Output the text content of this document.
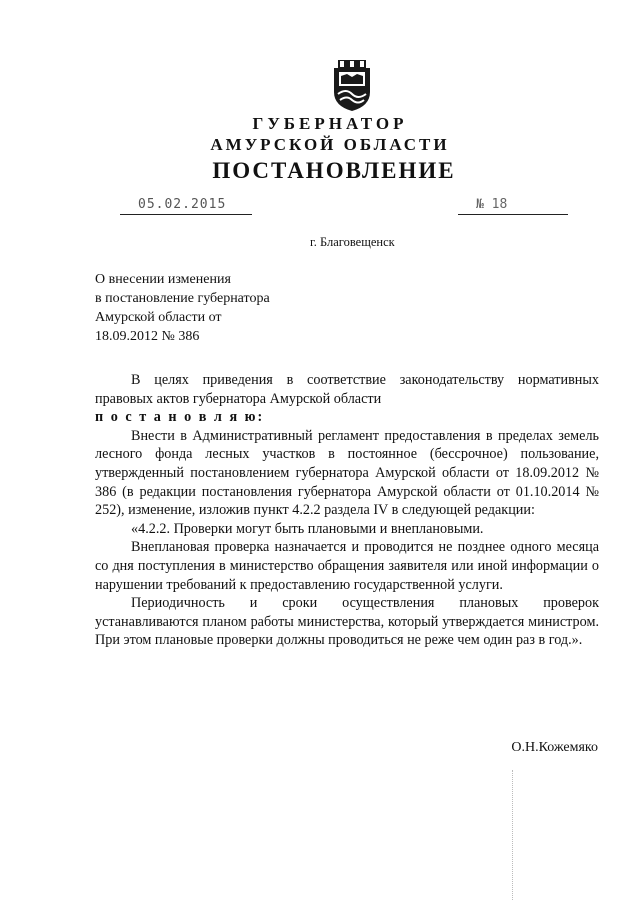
ГУБЕРНАТОР
АМУРСКОЙ ОБЛАСТИ
ПОСТАНОВЛЕНИЕ
05.02.2015	№ 18
г. Благовещенск
О внесении изменения
в постановление губернатора
Амурской области от
18.09.2012 № 386

В целях приведения в соответствие законодательству нормативных правовых актов губернатора Амурской области

п о с т а н о в л я ю:

Внести в Административный регламент предоставления в пределах земель лесного фонда лесных участков в постоянное (бессрочное) пользование, утвержденный постановлением губернатора Амурской области от 18.09.2012 № 386 (в редакции постановления губернатора Амурской области от 01.10.2014 № 252), изменение, изложив пункт 4.2.2 раздела IV в следующей редакции:

«4.2.2. Проверки могут быть плановыми и внеплановыми.

Внеплановая проверка назначается и проводится не позднее одного месяца со дня поступления в министерство обращения заявителя или иной информации о нарушении требований к предоставлению государственной услуги.

Периодичность и сроки осуществления плановых проверок устанавливаются планом работы министерства, который утверждается министром. При этом плановые проверки должны проводиться не реже чем один раз в год.».

О.Н.Кожемяко
